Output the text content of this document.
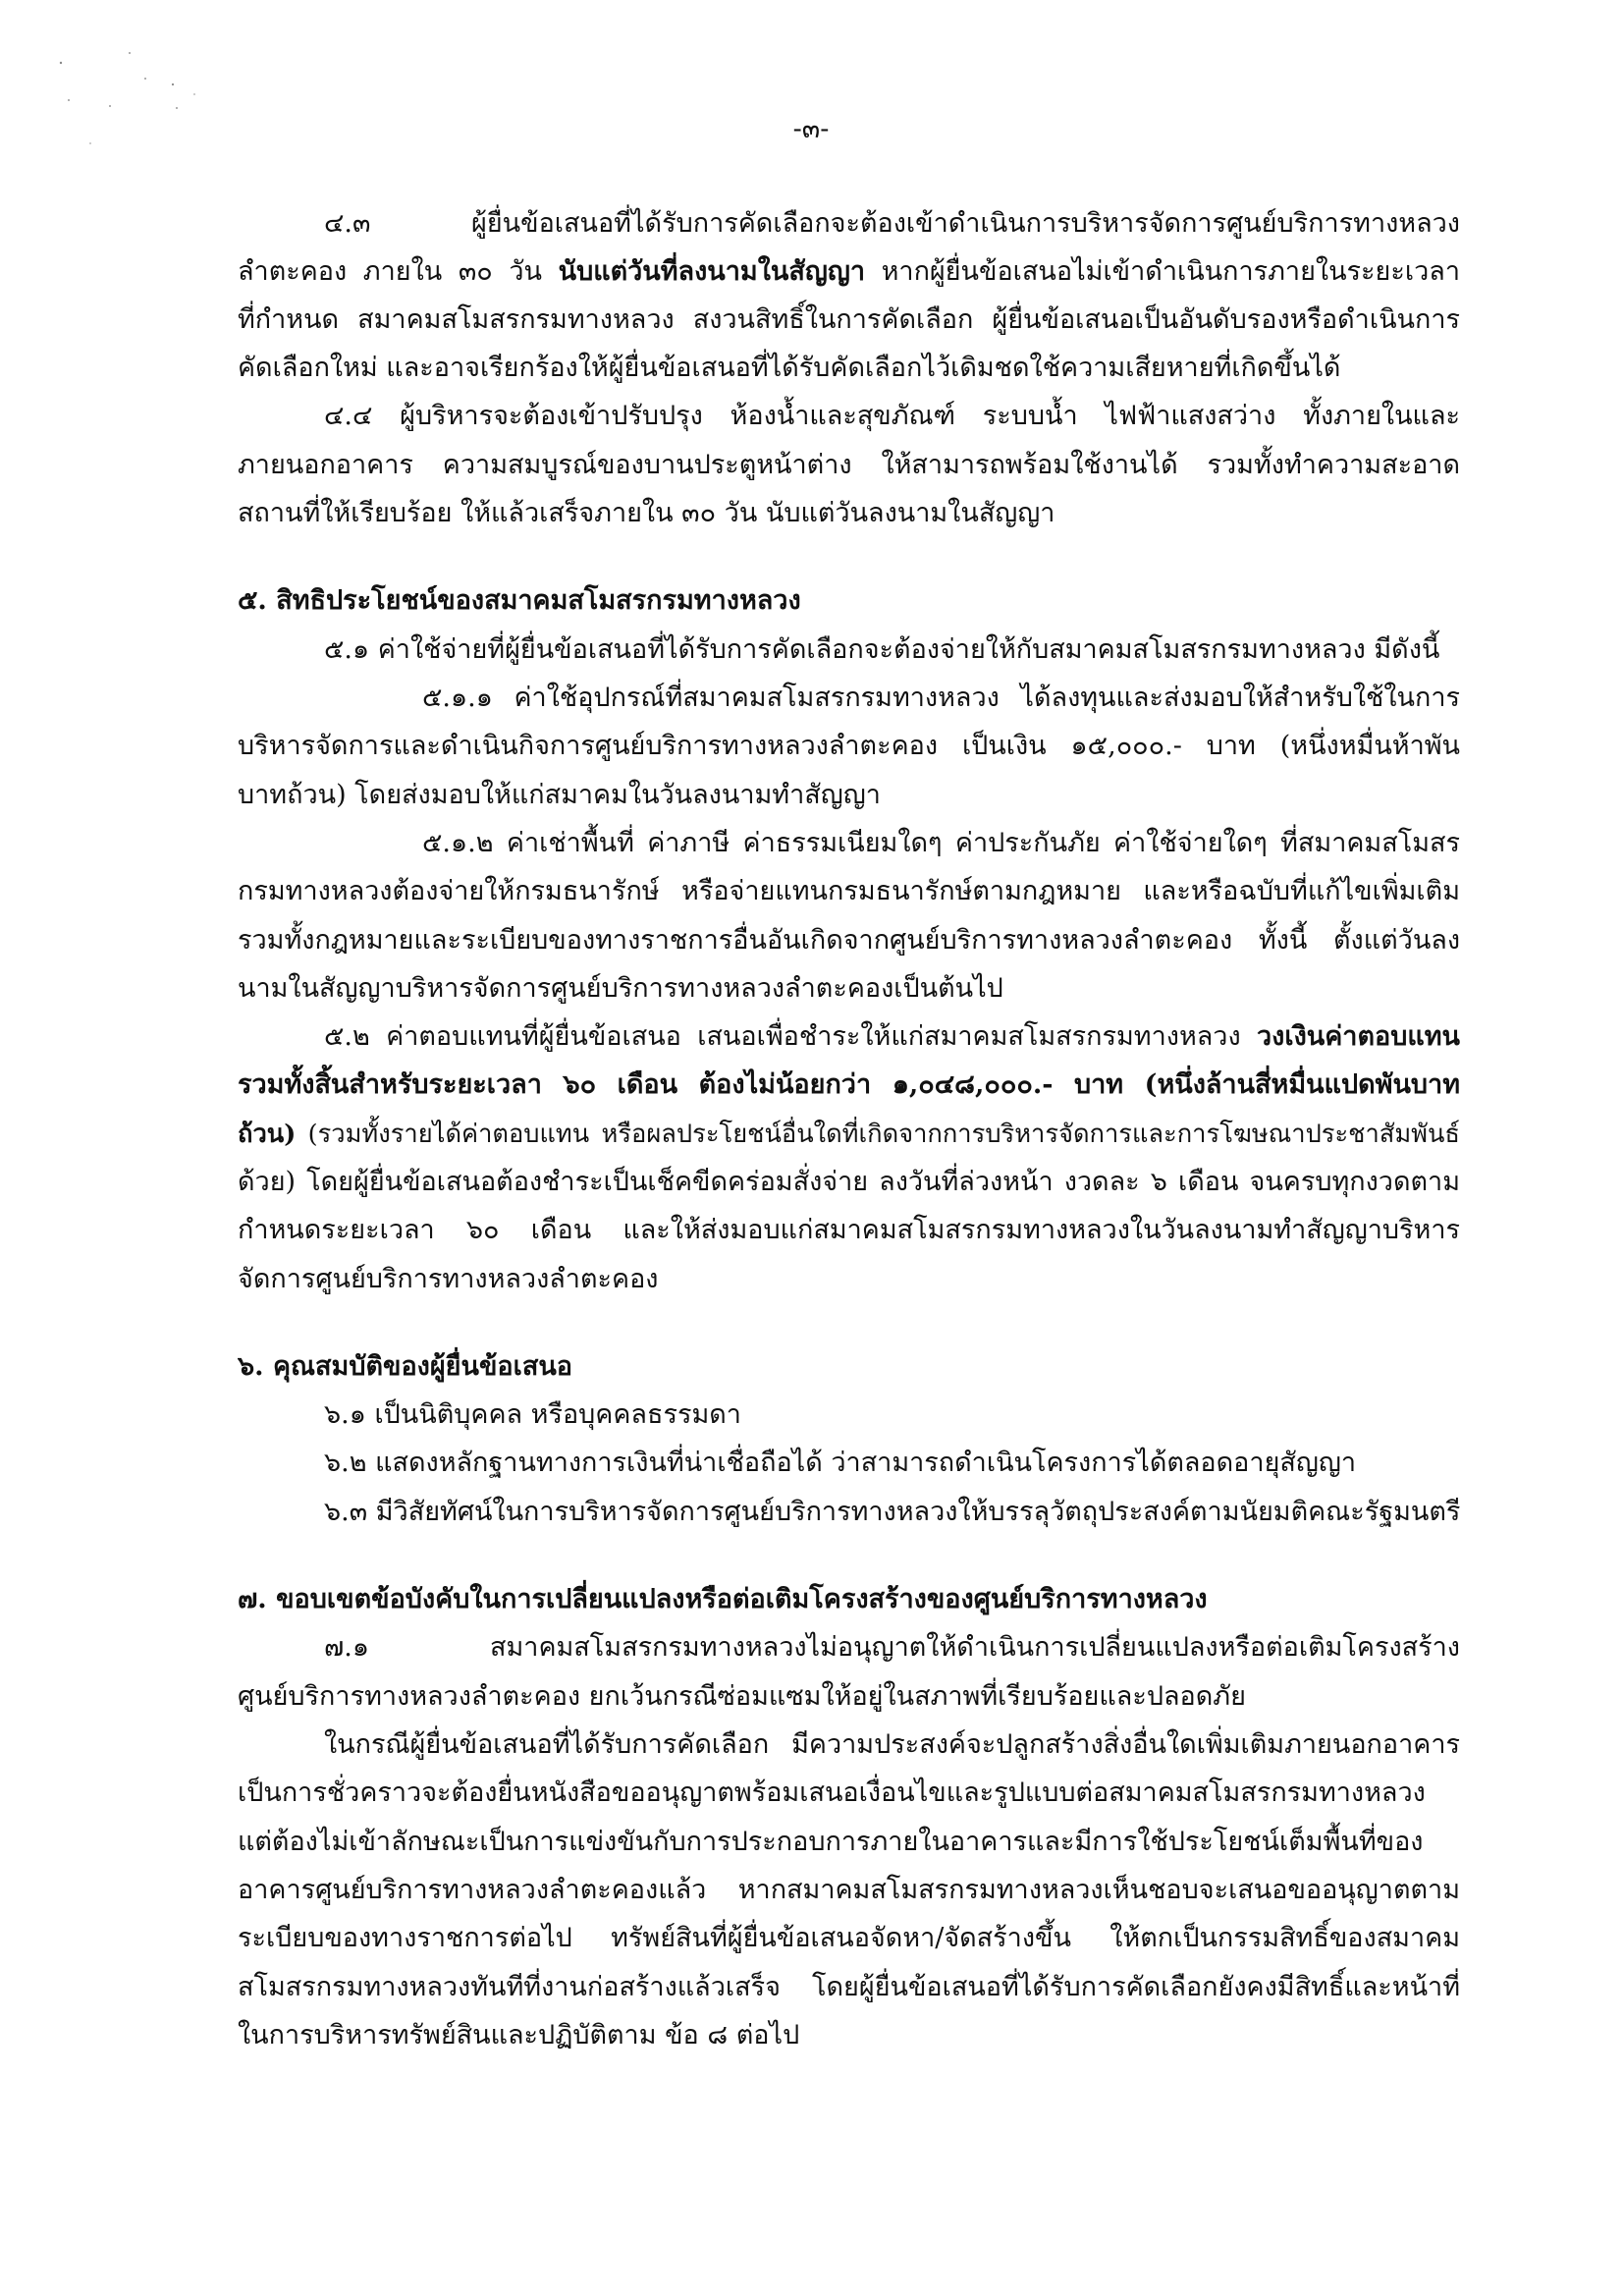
-๓-
๔.๓ ผู้ยื่นข้อเสนอที่ได้รับการคัดเลือกจะต้องเข้าดำเนินการบริหารจัดการศูนย์บริการทางหลวง
ลำตะคอง ภายใน ๓๐ วัน นับแต่วันที่ลงนามในสัญญา หากผู้ยื่นข้อเสนอไม่เข้าดำเนินการภายในระยะเวลา
ที่กำหนด สมาคมสโมสรกรมทางหลวง สงวนสิทธิ์ในการคัดเลือก ผู้ยื่นข้อเสนอเป็นอันดับรองหรือดำเนินการ
คัดเลือกใหม่ และอาจเรียกร้องให้ผู้ยื่นข้อเสนอที่ได้รับคัดเลือกไว้เดิมชดใช้ความเสียหายที่เกิดขึ้นได้
๔.๔ ผู้บริหารจะต้องเข้าปรับปรุง ห้องน้ำและสุขภัณฑ์ ระบบน้ำ ไฟฟ้าแสงสว่าง ทั้งภายในและ
ภายนอกอาคาร ความสมบูรณ์ของบานประตูหน้าต่าง ให้สามารถพร้อมใช้งานได้ รวมทั้งทำความสะอาด
สถานที่ให้เรียบร้อย ให้แล้วเสร็จภายใน ๓๐ วัน นับแต่วันลงนามในสัญญา
๕. สิทธิประโยชน์ของสมาคมสโมสรกรมทางหลวง
๕.๑ ค่าใช้จ่ายที่ผู้ยื่นข้อเสนอที่ได้รับการคัดเลือกจะต้องจ่ายให้กับสมาคมสโมสรกรมทางหลวง มีดังนี้
๕.๑.๑ ค่าใช้อุปกรณ์ที่สมาคมสโมสรกรมทางหลวง ได้ลงทุนและส่งมอบให้สำหรับใช้ในการ
บริหารจัดการและดำเนินกิจการศูนย์บริการทางหลวงลำตะคอง เป็นเงิน ๑๕,๐๐๐.- บาท (หนึ่งหมื่นห้าพัน
บาทถ้วน) โดยส่งมอบให้แก่สมาคมในวันลงนามทำสัญญา
๕.๑.๒ ค่าเช่าพื้นที่ ค่าภาษี ค่าธรรมเนียมใดๆ ค่าประกันภัย ค่าใช้จ่ายใดๆ ที่สมาคมสโมสร
กรมทางหลวงต้องจ่ายให้กรมธนารักษ์ หรือจ่ายแทนกรมธนารักษ์ตามกฎหมาย และหรือฉบับที่แก้ไขเพิ่มเติม
รวมทั้งกฎหมายและระเบียบของทางราชการอื่นอันเกิดจากศูนย์บริการทางหลวงลำตะคอง ทั้งนี้ ตั้งแต่วันลง
นามในสัญญาบริหารจัดการศูนย์บริการทางหลวงลำตะคองเป็นต้นไป
๕.๒ ค่าตอบแทนที่ผู้ยื่นข้อเสนอ เสนอเพื่อชำระให้แก่สมาคมสโมสรกรมทางหลวง วงเงินค่าตอบแทน
รวมทั้งสิ้นสำหรับระยะเวลา ๖๐ เดือน ต้องไม่น้อยกว่า ๑,๐๔๘,๐๐๐.- บาท (หนึ่งล้านสี่หมื่นแปดพันบาท
ถ้วน) (รวมทั้งรายได้ค่าตอบแทน หรือผลประโยชน์อื่นใดที่เกิดจากการบริหารจัดการและการโฆษณาประชาสัมพันธ์
ด้วย) โดยผู้ยื่นข้อเสนอต้องชำระเป็นเช็คขีดคร่อมสั่งจ่าย ลงวันที่ล่วงหน้า งวดละ ๖ เดือน จนครบทุกงวดตาม
กำหนดระยะเวลา ๖๐ เดือน และให้ส่งมอบแก่สมาคมสโมสรกรมทางหลวงในวันลงนามทำสัญญาบริหาร
จัดการศูนย์บริการทางหลวงลำตะคอง
๖. คุณสมบัติของผู้ยื่นข้อเสนอ
๖.๑ เป็นนิติบุคคล หรือบุคคลธรรมดา
๖.๒ แสดงหลักฐานทางการเงินที่น่าเชื่อถือได้ ว่าสามารถดำเนินโครงการได้ตลอดอายุสัญญา
๖.๓ มีวิสัยทัศน์ในการบริหารจัดการศูนย์บริการทางหลวงให้บรรลุวัตถุประสงค์ตามนัยมติคณะรัฐมนตรี
๗. ขอบเขตข้อบังคับในการเปลี่ยนแปลงหรือต่อเติมโครงสร้างของศูนย์บริการทางหลวง
๗.๑ สมาคมสโมสรกรมทางหลวงไม่อนุญาตให้ดำเนินการเปลี่ยนแปลงหรือต่อเติมโครงสร้าง
ศูนย์บริการทางหลวงลำตะคอง ยกเว้นกรณีซ่อมแซมให้อยู่ในสภาพที่เรียบร้อยและปลอดภัย
ในกรณีผู้ยื่นข้อเสนอที่ได้รับการคัดเลือก มีความประสงค์จะปลูกสร้างสิ่งอื่นใดเพิ่มเติมภายนอกอาคาร
เป็นการชั่วคราวจะต้องยื่นหนังสือขออนุญาตพร้อมเสนอเงื่อนไขและรูปแบบต่อสมาคมสโมสรกรมทางหลวง
แต่ต้องไม่เข้าลักษณะเป็นการแข่งขันกับการประกอบการภายในอาคารและมีการใช้ประโยชน์เต็มพื้นที่ของ
อาคารศูนย์บริการทางหลวงลำตะคองแล้ว หากสมาคมสโมสรกรมทางหลวงเห็นชอบจะเสนอขออนุญาตตาม
ระเบียบของทางราชการต่อไป ทรัพย์สินที่ผู้ยื่นข้อเสนอจัดหา/จัดสร้างขึ้น ให้ตกเป็นกรรมสิทธิ์ของสมาคม
สโมสรกรมทางหลวงทันทีที่งานก่อสร้างแล้วเสร็จ โดยผู้ยื่นข้อเสนอที่ได้รับการคัดเลือกยังคงมีสิทธิ์และหน้าที่
ในการบริหารทรัพย์สินและปฏิบัติตาม ข้อ ๘ ต่อไป
